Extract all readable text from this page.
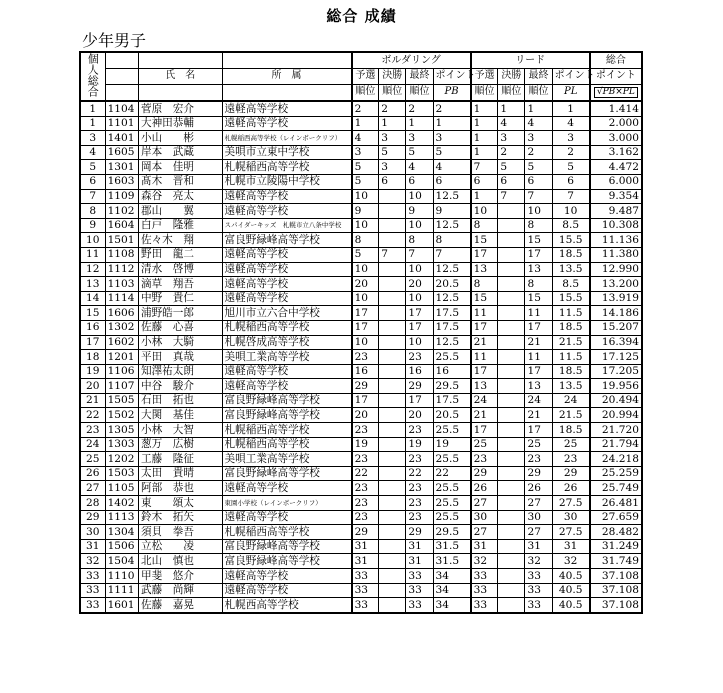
総合 成績
少年男子
個人総合				ボルダリング				リード				総合
		氏　名	所　属	予選	決勝	最終	ポイント	予選	決勝	最終	ポイント	ポイント
				順位	順位	順位	PB	順位	順位	順位	PL	√PB×PL
1	1104	菅原　宏介	遠軽高等学校	2	2	2	2	1	1	1	1	1.414
1	1101	大神田恭輔	遠軽高等学校	1	1	1	1	1	4	4	4	2.000
3	1401	小山　　彬	札幌稲西高等学校（レインボークリフ）	4	3	3	3	1	3	3	3	3.000
4	1605	岸本　武蔵	美唄市立東中学校	3	5	5	5	1	2	2	2	3.162
5	1301	岡本　佳明	札幌稲西高等学校	5	3	4	4	7	5	5	5	4.472
6	1603	髙木　晋和	札幌市立陵陽中学校	5	6	6	6	6	6	6	6	6.000
7	1109	森谷　亮太	遠軽高等学校	10		10	12.5	1	7	7	7	9.354
8	1102	郡山　　翼	遠軽高等学校	9		9	9	10		10	10	9.487
9	1604	白戸　隆雅	スパイダーキッズ　札幌市立八条中学校	10		10	12.5	8		8	8.5	10.308
10	1501	佐々木　翔	富良野緑峰高等学校	8		8	8	15		15	15.5	11.136
11	1108	野田　龍二	遠軽高等学校	5	7	7	7	17		17	18.5	11.380
12	1112	清水　啓博	遠軽高等学校	10		10	12.5	13		13	13.5	12.990
13	1103	滴草　翔吾	遠軽高等学校	20		20	20.5	8		8	8.5	13.200
14	1114	中野　貴仁	遠軽高等学校	10		10	12.5	15		15	15.5	13.919
15	1606	浦野皓一郎	旭川市立六合中学校	17		17	17.5	11		11	11.5	14.186
16	1302	佐藤　心喜	札幌稲西高等学校	17		17	17.5	17		17	18.5	15.207
17	1602	小林　大騎	札幌啓成高等学校	10		10	12.5	21		21	21.5	16.394
18	1201	平田　真哉	美唄工業高等学校	23		23	25.5	11		11	11.5	17.125
19	1106	知澤祐太朗	遠軽高等学校	16		16	16	17		17	18.5	17.205
20	1107	中谷　駿介	遠軽高等学校	29		29	29.5	13		13	13.5	19.956
21	1505	石田　拓也	富良野緑峰高等学校	17		17	17.5	24		24	24	20.494
22	1502	大関　基佳	富良野緑峰高等学校	20		20	20.5	21		21	21.5	20.994
23	1305	小林　大智	札幌稲西高等学校	23		23	25.5	17		17	18.5	21.720
24	1303	葱万　広樹	札幌稲西高等学校	19		19	19	25		25	25	21.794
25	1202	工藤　隆征	美唄工業高等学校	23		23	25.5	23		23	23	24.218
26	1503	太田　貴晴	富良野緑峰高等学校	22		22	22	29		29	29	25.259
27	1105	阿部　恭也	遠軽高等学校	23		23	25.5	26		26	26	25.749
28	1402	東　　頌太	東園小学校（レインボークリフ）	23		23	25.5	27		27	27.5	26.481
29	1113	鈴木　拓矢	遠軽高等学校	23		23	25.5	30		30	30	27.659
30	1304	須貝　拳吾	札幌稲西高等学校	29		29	29.5	27		27	27.5	28.482
31	1506	立松　　凌	富良野緑峰高等学校	31		31	31.5	31		31	31	31.249
32	1504	北山　慎也	富良野緑峰高等学校	31		31	31.5	32		32	32	31.749
33	1110	甲斐　悠介	遠軽高等学校	33		33	34	33		33	40.5	37.108
33	1111	武藤　尚輝	遠軽高等学校	33		33	34	33		33	40.5	37.108
33	1601	佐藤　嘉晃	札幌西高等学校	33		33	34	33		33	40.5	37.108
